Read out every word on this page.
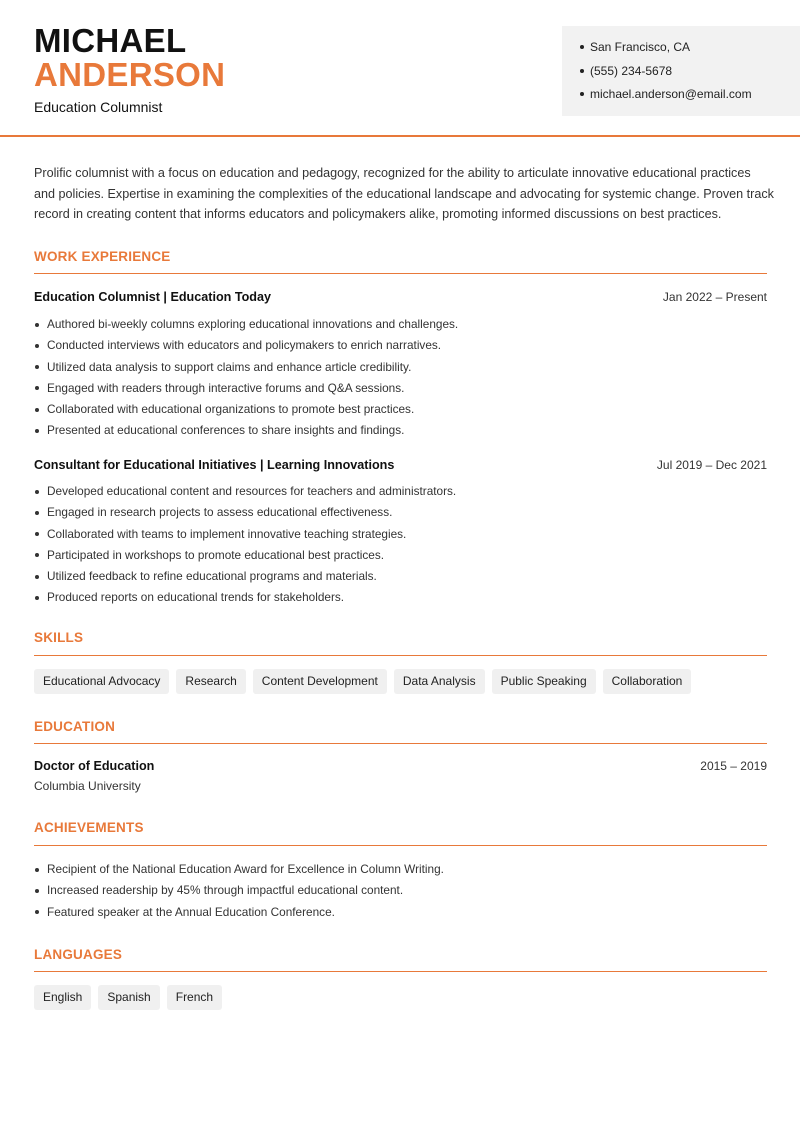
MICHAEL
ANDERSON
Education Columnist
San Francisco, CA
(555) 234-5678
michael.anderson@email.com

Prolific columnist with a focus on education and pedagogy, recognized for the ability to articulate innovative educational practices and policies. Expertise in examining the complexities of the educational landscape and advocating for systemic change. Proven track record in creating content that informs educators and policymakers alike, promoting informed discussions on best practices.

WORK EXPERIENCE
Education Columnist | Education Today	Jan 2022 – Present
Authored bi-weekly columns exploring educational innovations and challenges.
Conducted interviews with educators and policymakers to enrich narratives.
Utilized data analysis to support claims and enhance article credibility.
Engaged with readers through interactive forums and Q&A sessions.
Collaborated with educational organizations to promote best practices.
Presented at educational conferences to share insights and findings.
Consultant for Educational Initiatives | Learning Innovations	Jul 2019 – Dec 2021
Developed educational content and resources for teachers and administrators.
Engaged in research projects to assess educational effectiveness.
Collaborated with teams to implement innovative teaching strategies.
Participated in workshops to promote educational best practices.
Utilized feedback to refine educational programs and materials.
Produced reports on educational trends for stakeholders.
SKILLS
Educational Advocacy	Research	Content Development	Data Analysis	Public Speaking	Collaboration
EDUCATION
Doctor of Education	2015 – 2019
Columbia University
ACHIEVEMENTS
Recipient of the National Education Award for Excellence in Column Writing.
Increased readership by 45% through impactful educational content.
Featured speaker at the Annual Education Conference.
LANGUAGES
English	Spanish	French
